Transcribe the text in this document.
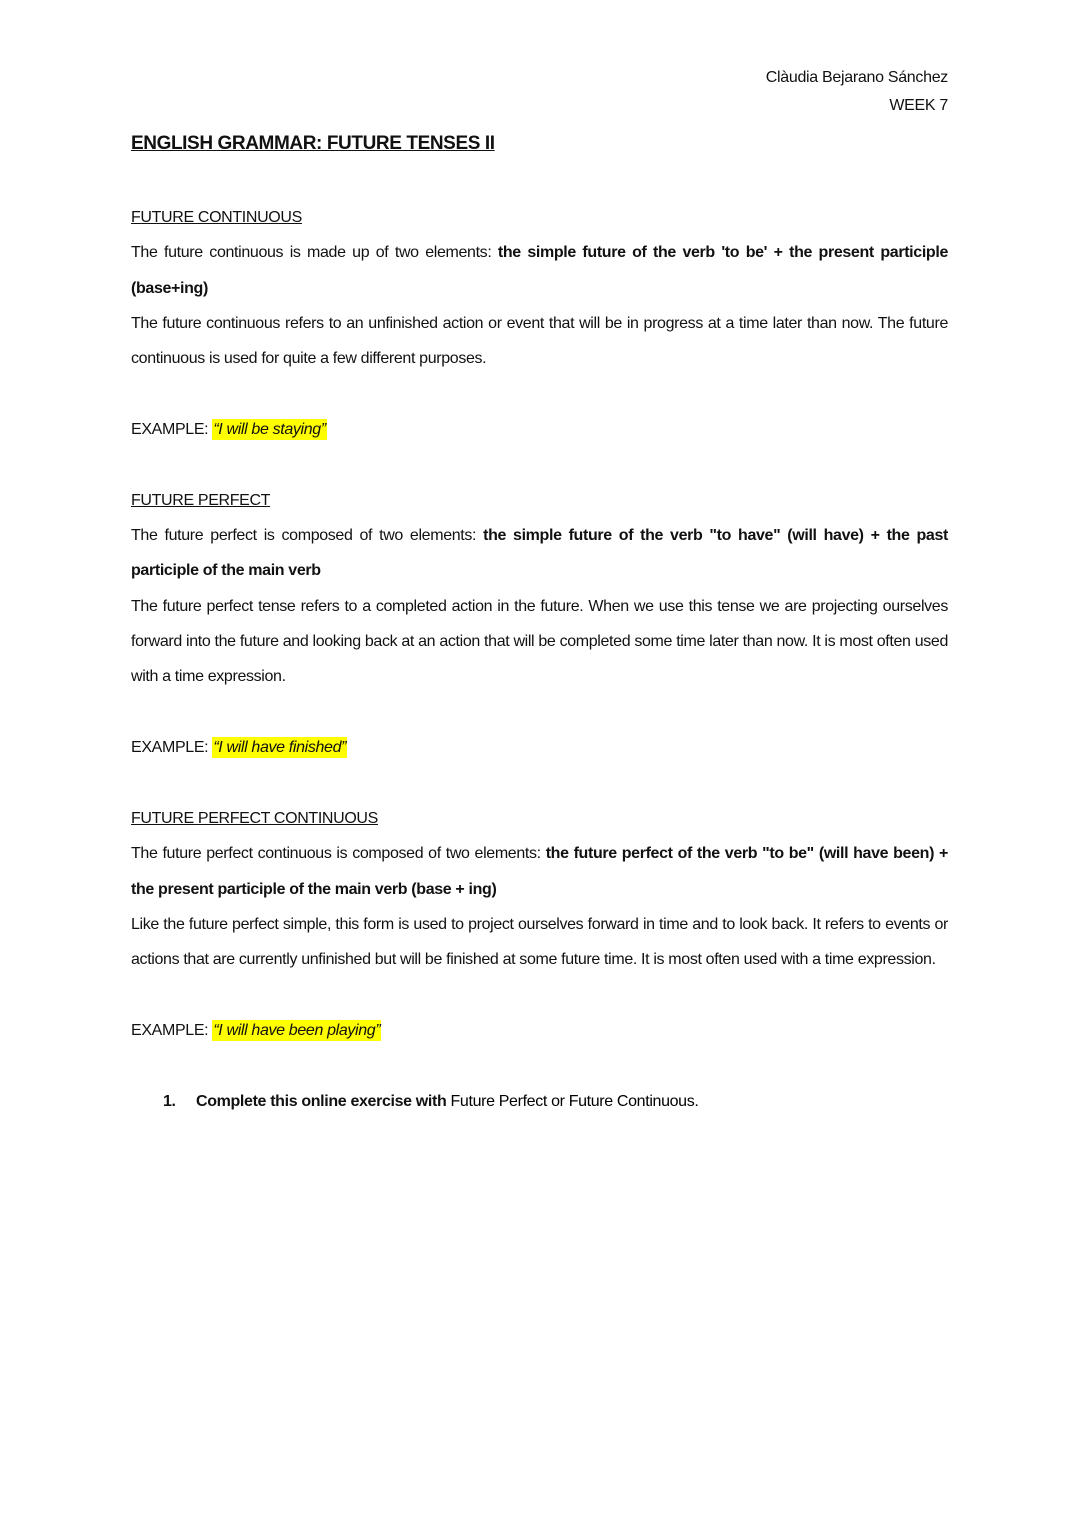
Clàudia Bejarano Sánchez
WEEK 7
ENGLISH GRAMMAR: FUTURE TENSES II
FUTURE CONTINUOUS
The future continuous is made up of two elements: the simple future of the verb 'to be' + the present participle (base+ing)
The future continuous refers to an unfinished action or event that will be in progress at a time later than now. The future continuous is used for quite a few different purposes.
EXAMPLE: “I will be staying”
FUTURE PERFECT
The future perfect is composed of two elements: the simple future of the verb "to have" (will have) + the past participle of the main verb
The future perfect tense refers to a completed action in the future. When we use this tense we are projecting ourselves forward into the future and looking back at an action that will be completed some time later than now. It is most often used with a time expression.
EXAMPLE: “I will have finished”
FUTURE PERFECT CONTINUOUS
The future perfect continuous is composed of two elements: the future perfect of the verb "to be" (will have been) + the present participle of the main verb (base + ing)
Like the future perfect simple, this form is used to project ourselves forward in time and to look back. It refers to events or actions that are currently unfinished but will be finished at some future time. It is most often used with a time expression.
EXAMPLE: “I will have been playing”
1. Complete this online exercise with Future Perfect or Future Continuous.
